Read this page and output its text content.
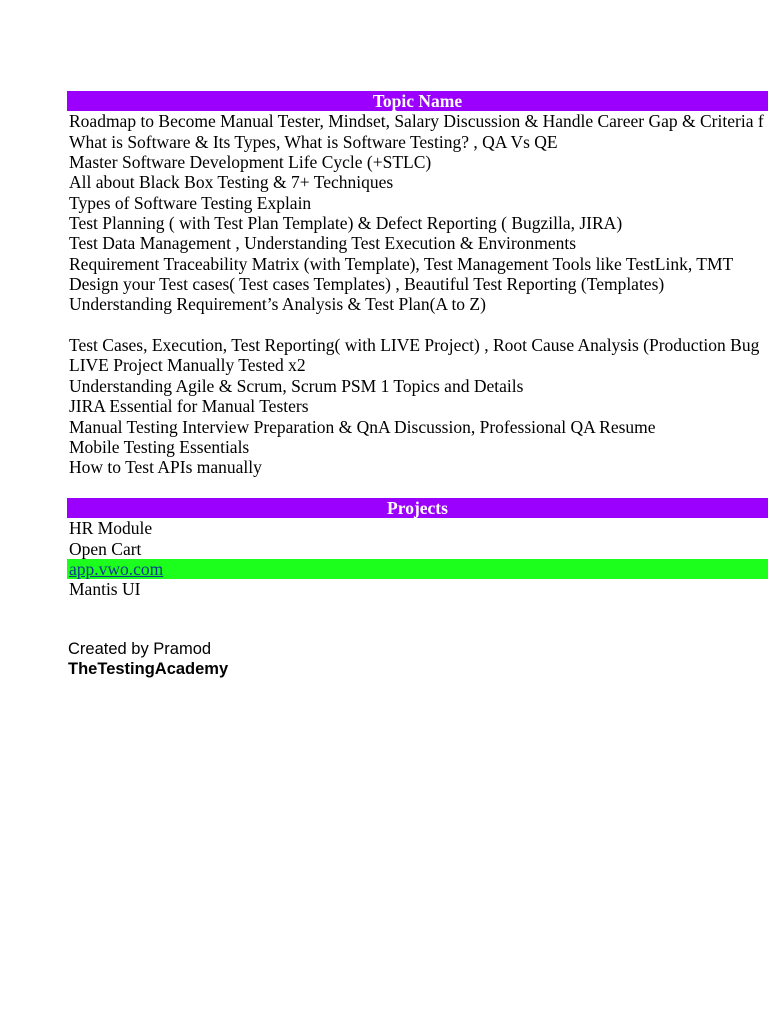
Topic Name
Roadmap to Become Manual Tester, Mindset, Salary Discussion & Handle Career Gap & Criteria f
What is Software & Its Types, What is Software Testing? , QA Vs QE
Master Software Development Life Cycle (+STLC)
All about Black Box Testing & 7+ Techniques
Types of Software Testing Explain
Test Planning ( with Test Plan Template) & Defect Reporting ( Bugzilla, JIRA)
Test Data Management , Understanding Test Execution & Environments
Requirement Traceability Matrix (with Template), Test Management Tools like TestLink, TMT
Design your Test cases( Test cases Templates) , Beautiful Test Reporting (Templates)
Understanding Requirement’s Analysis & Test Plan(A to Z)
Test Cases, Execution, Test Reporting( with LIVE Project) , Root Cause Analysis (Production Bug
LIVE Project Manually Tested x2
Understanding Agile & Scrum, Scrum PSM 1 Topics and Details
JIRA Essential for Manual Testers
Manual Testing Interview Preparation & QnA Discussion, Professional QA Resume
Mobile Testing Essentials
How to Test APIs manually
Projects
HR Module
Open Cart
app.vwo.com
Mantis UI
Created by Pramod
TheTestingAcademy
